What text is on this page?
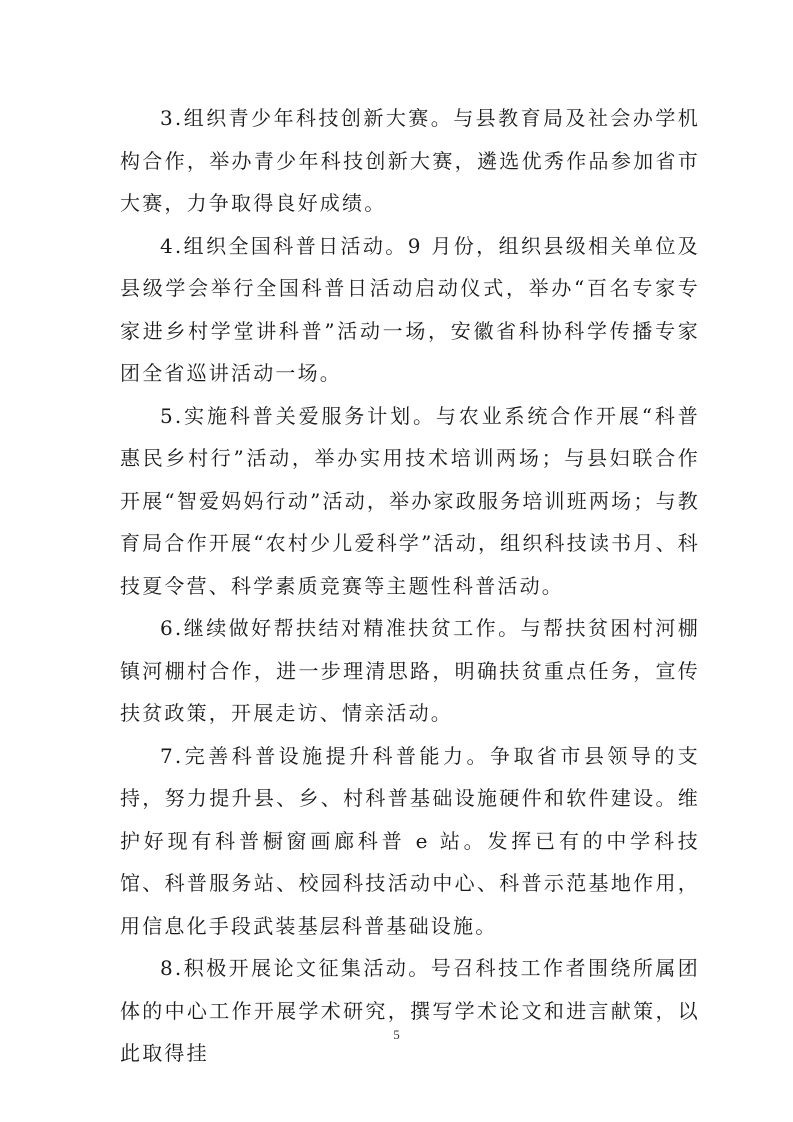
3.组织青少年科技创新大赛。与县教育局及社会办学机构合作，举办青少年科技创新大赛，遴选优秀作品参加省市大赛，力争取得良好成绩。

4.组织全国科普日活动。9 月份，组织县级相关单位及县级学会举行全国科普日活动启动仪式，举办“百名专家专家进乡村学堂讲科普”活动一场，安徽省科协科学传播专家团全省巡讲活动一场。

5.实施科普关爱服务计划。与农业系统合作开展“科普惠民乡村行”活动，举办实用技术培训两场；与县妇联合作开展“智爱妈妈行动”活动，举办家政服务培训班两场；与教育局合作开展“农村少儿爱科学”活动，组织科技读书月、科技夏令营、科学素质竞赛等主题性科普活动。

6.继续做好帮扶结对精准扶贫工作。与帮扶贫困村河棚镇河棚村合作，进一步理清思路，明确扶贫重点任务，宣传扶贫政策，开展走访、情亲活动。

7.完善科普设施提升科普能力。争取省市县领导的支持，努力提升县、乡、村科普基础设施硬件和软件建设。维护好现有科普橱窗画廊科普 e 站。发挥已有的中学科技馆、科普服务站、校园科技活动中心、科普示范基地作用，用信息化手段武装基层科普基础设施。

8.积极开展论文征集活动。号召科技工作者围绕所属团体的中心工作开展学术研究，撰写学术论文和进言献策，以此取得挂

5
